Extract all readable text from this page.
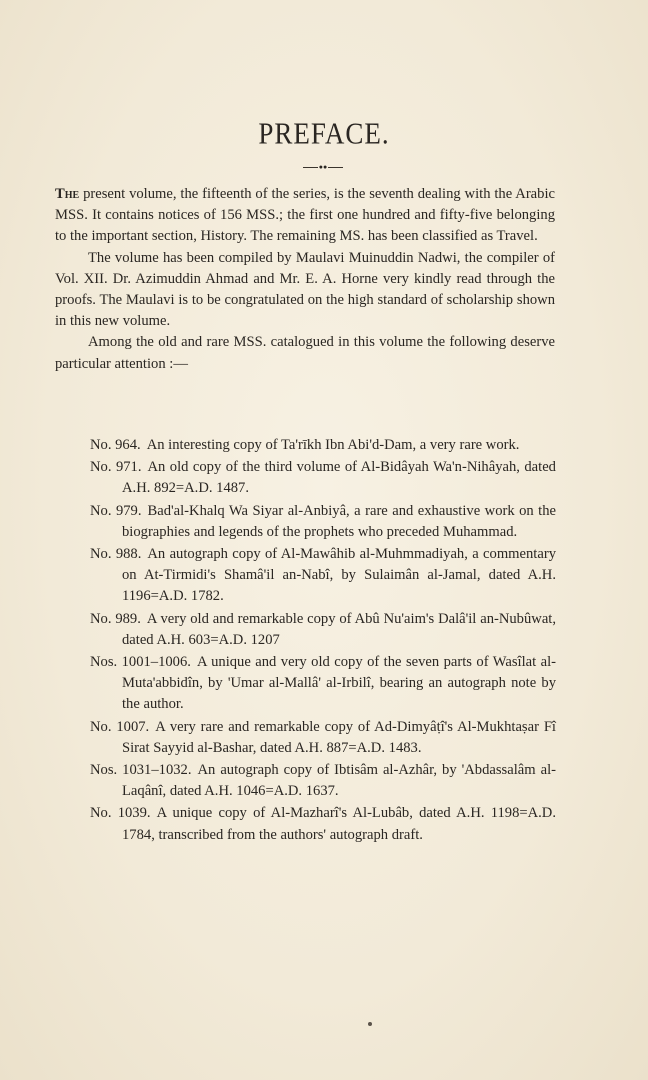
PREFACE.
●●

The present volume, the fifteenth of the series, is the seventh dealing with the Arabic MSS. It contains notices of 156 MSS.; the first one hundred and fifty-five belonging to the important section, History. The remaining MS. has been classified as Travel.

The volume has been compiled by Maulavi Muinuddin Nadwi, the compiler of Vol. XII. Dr. Azimuddin Ahmad and Mr. E. A. Horne very kindly read through the proofs. The Maulavi is to be congratulated on the high standard of scholarship shown in this new volume.

Among the old and rare MSS. catalogued in this volume the following deserve particular attention :—

No. 964. An interesting copy of Ta'rīkh Ibn Abi'd-Dam, a very rare work.
No. 971. An old copy of the third volume of Al-Bidâyah Wa'n-Nihâyah, dated A.H. 892=A.D. 1487.
No. 979. Bad'al-Khalq Wa Siyar al-Anbiyâ, a rare and exhaustive work on the biographies and legends of the prophets who preceded Muhammad.
No. 988. An autograph copy of Al-Mawâhib al-Muhmmadiyah, a commentary on At-Tirmidi's Shamâ'il an-Nabî, by Sulaimân al-Jamal, dated A.H. 1196=A.D. 1782.
No. 989. A very old and remarkable copy of Abû Nu'aim's Dalâ'il an-Nubûwat, dated A.H. 603=A.D. 1207
Nos. 1001–1006. A unique and very old copy of the seven parts of Wasîlat al-Muta'abbidîn, by 'Umar al-Mallâ' al-Irbilî, bearing an autograph note by the author.
No. 1007. A very rare and remarkable copy of Ad-Dimyâṭî's Al-Mukhtaṣar Fî Sirat Sayyid al-Bashar, dated A.H. 887=A.D. 1483.
Nos. 1031–1032. An autograph copy of Ibtisâm al-Azhâr, by 'Abdassalâm al-Laqânî, dated A.H. 1046=A.D. 1637.
No. 1039. A unique copy of Al-Mazharî's Al-Lubâb, dated A.H. 1198=A.D. 1784, transcribed from the authors' autograph draft.
